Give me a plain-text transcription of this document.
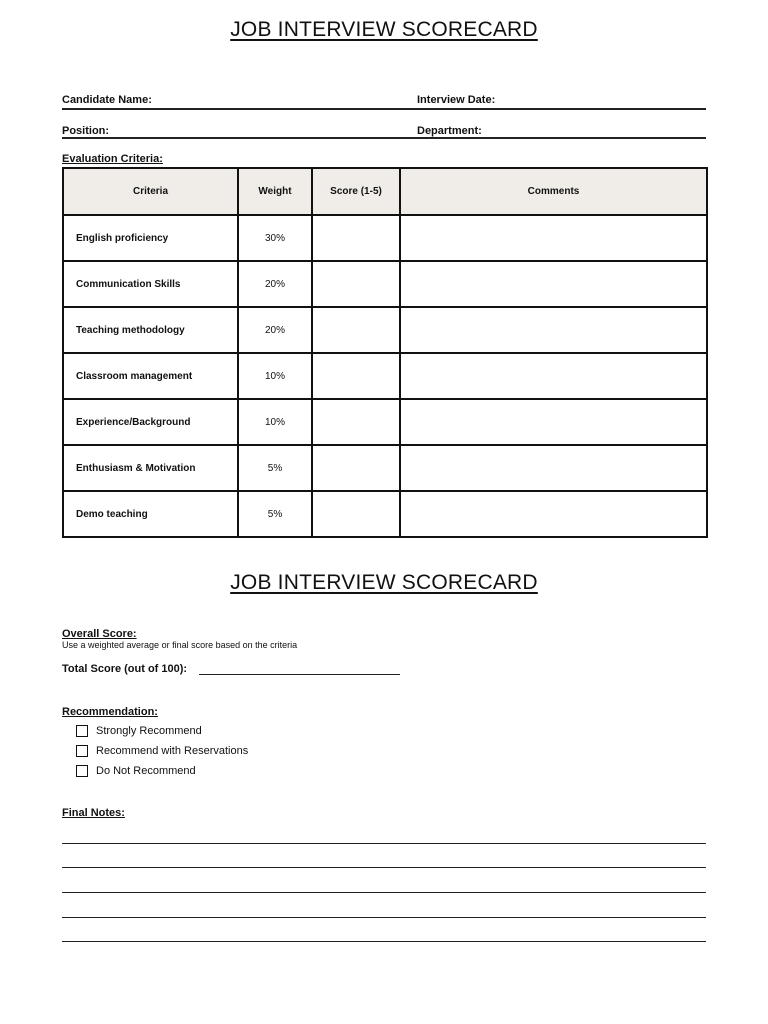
JOB INTERVIEW SCORECARD
Candidate Name:	Interview Date:
Position:	Department:
Evaluation Criteria:
Criteria	Weight	Score (1-5)	Comments
English proficiency	30%		
Communication Skills	20%		
Teaching methodology	20%		
Classroom management	10%		
Experience/Background	10%		
Enthusiasm & Motivation	5%		
Demo teaching	5%		
JOB INTERVIEW SCORECARD
Overall Score:
Use a weighted average or final score based on the criteria
Total Score (out of 100):
Recommendation:
Strongly Recommend
Recommend with Reservations
Do Not Recommend
Final Notes:
